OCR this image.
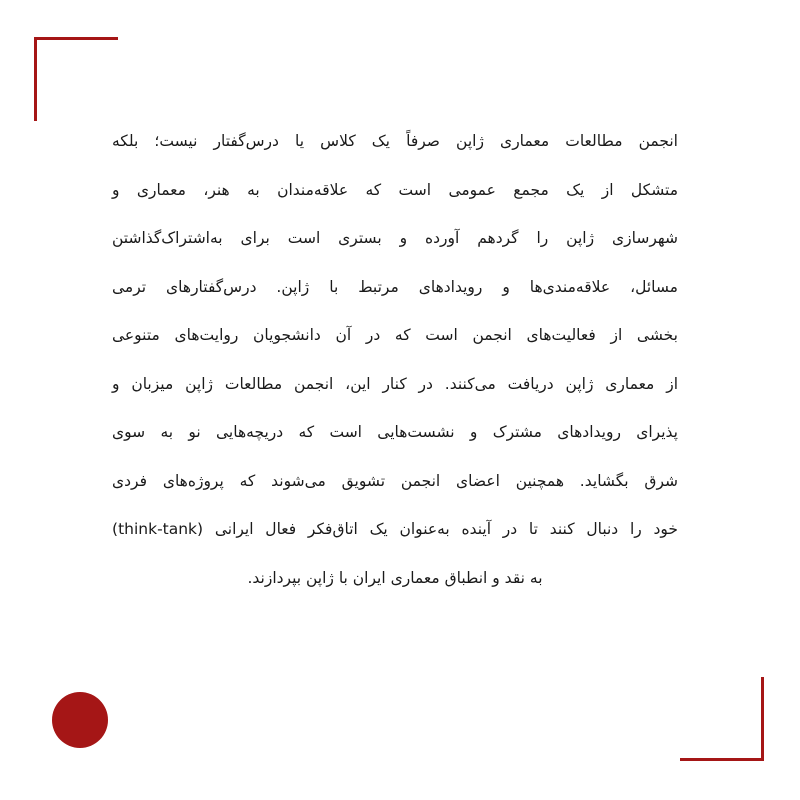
انجمن مطالعات معماری ژاپن صرفاً یک کلاس یا درس‌گفتار نیست؛ بلکه
متشکل از یک مجمع عمومی است که علاقه‌مندان به هنر، معماری و
شهرسازی ژاپن را گردهم آورده و بستری است برای به‌اشتراک‌گذاشتن
مسائل، علاقه‌مندی‌ها و رویدادهای مرتبط با ژاپن. درس‌گفتارهای ترمی
بخشی از فعالیت‌های انجمن است که در آن دانشجویان روایت‌های متنوعی
از معماری ژاپن دریافت می‌کنند. در کنار این، انجمن مطالعات ژاپن میزبان و
پذیرای رویدادهای مشترک و نشست‌هایی است که دریچه‌هایی نو به سوی
شرق بگشاید. همچنین اعضای انجمن تشویق می‌شوند که پروژه‌های فردی
خود را دنبال کنند تا در آینده به‌عنوان یک اتاق‌فکر فعال ایرانی (think-tank)
به نقد و انطباق معماری ایران با ژاپن بپردازند.
